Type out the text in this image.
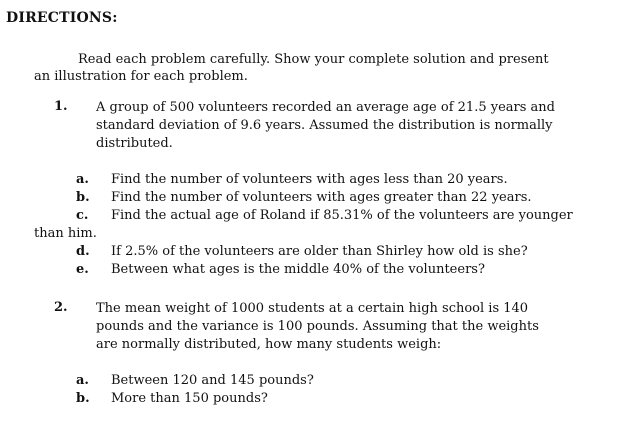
DIRECTIONS:
Read each problem carefully. Show your complete solution and present
an illustration for each problem.
1. A group of 500 volunteers recorded an average age of 21.5 years and
standard deviation of 9.6 years. Assumed the distribution is normally
distributed.
a. Find the number of volunteers with ages less than 20 years.
b. Find the number of volunteers with ages greater than 22 years.
c. Find the actual age of Roland if 85.31% of the volunteers are younger
than him.
d. If 2.5% of the volunteers are older than Shirley how old is she?
e. Between what ages is the middle 40% of the volunteers?
2. The mean weight of 1000 students at a certain high school is 140
pounds and the variance is 100 pounds. Assuming that the weights
are normally distributed, how many students weigh:
a. Between 120 and 145 pounds?
b. More than 150 pounds?
